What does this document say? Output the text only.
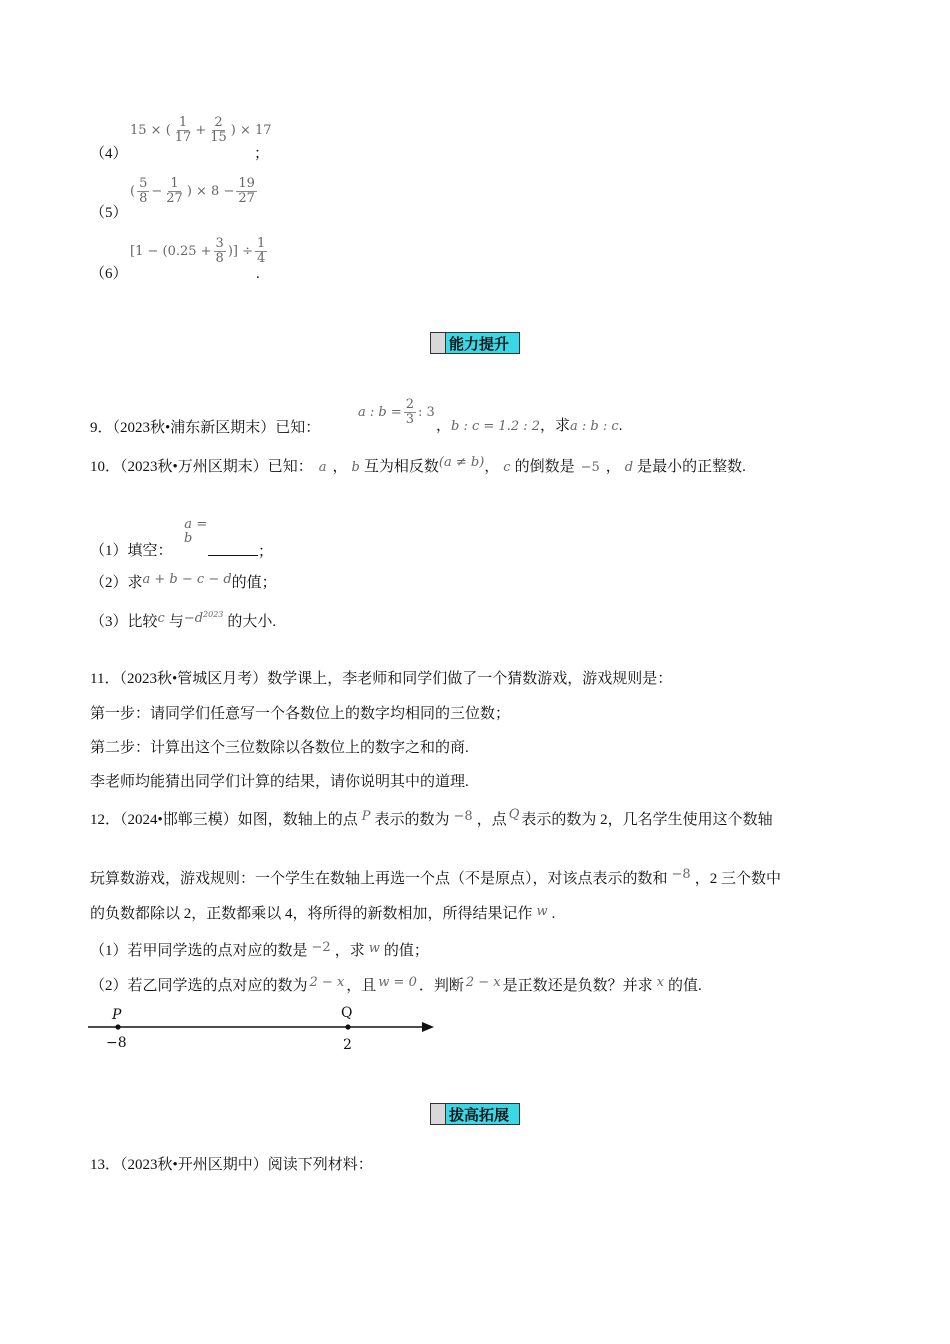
（4）
15 × ( $\frac{1}{17} + \frac{2}{15}$ ) × 17
；
（5）
( $\frac{5}{8} - \frac{1}{27}$ ) × $8 - \frac{19}{27}$
（6）
[$1 - (0.25 + \frac{3}{8}$ )] ÷ $\frac{1}{4}$
.
能力提升
9．（2023秋•浦东新区期末）已知：
a : $b = \frac{2}{3}$ : 3
，b : c = 1.2 : 2，求a : b : c.
10．（2023秋•万州区期末）已知： a ， b 互为相反数(a ≠ b)， c 的倒数是 −5 ， d 是最小的正整数.
（1）填空：
a
b
=
；
（2）求a + b − c − d的值；
（3）比较c 与$-d^{2023}$ 的大小.
11．（2023秋•管城区月考）数学课上，李老师和同学们做了一个猜数游戏，游戏规则是：
第一步：请同学们任意写一个各数位上的数字均相同的三位数；
第二步：计算出这个三位数除以各数位上的数字之和的商.
李老师均能猜出同学们计算的结果，请你说明其中的道理.
12．（2024•邯郸三模）如图，数轴上的点 P 表示的数为 −8 ，点 Q 表示的数为 2，几名学生使用这个数轴
玩算数游戏，游戏规则：一个学生在数轴上再选一个点（不是原点），对该点表示的数和 −8 ，2 三个数中
的负数都除以 2，正数都乘以 4，将所得的新数相加，所得结果记作 w .
（1）若甲同学选的点对应的数是 −2 ，求 w 的值；
（2）若乙同学选的点对应的数为 2 − x ，且 w = 0 ．判断 2 − x 是正数还是负数？并求 x 的值.
P	Q
−8	2
拔高拓展
13．（2023秋•开州区期中）阅读下列材料：
